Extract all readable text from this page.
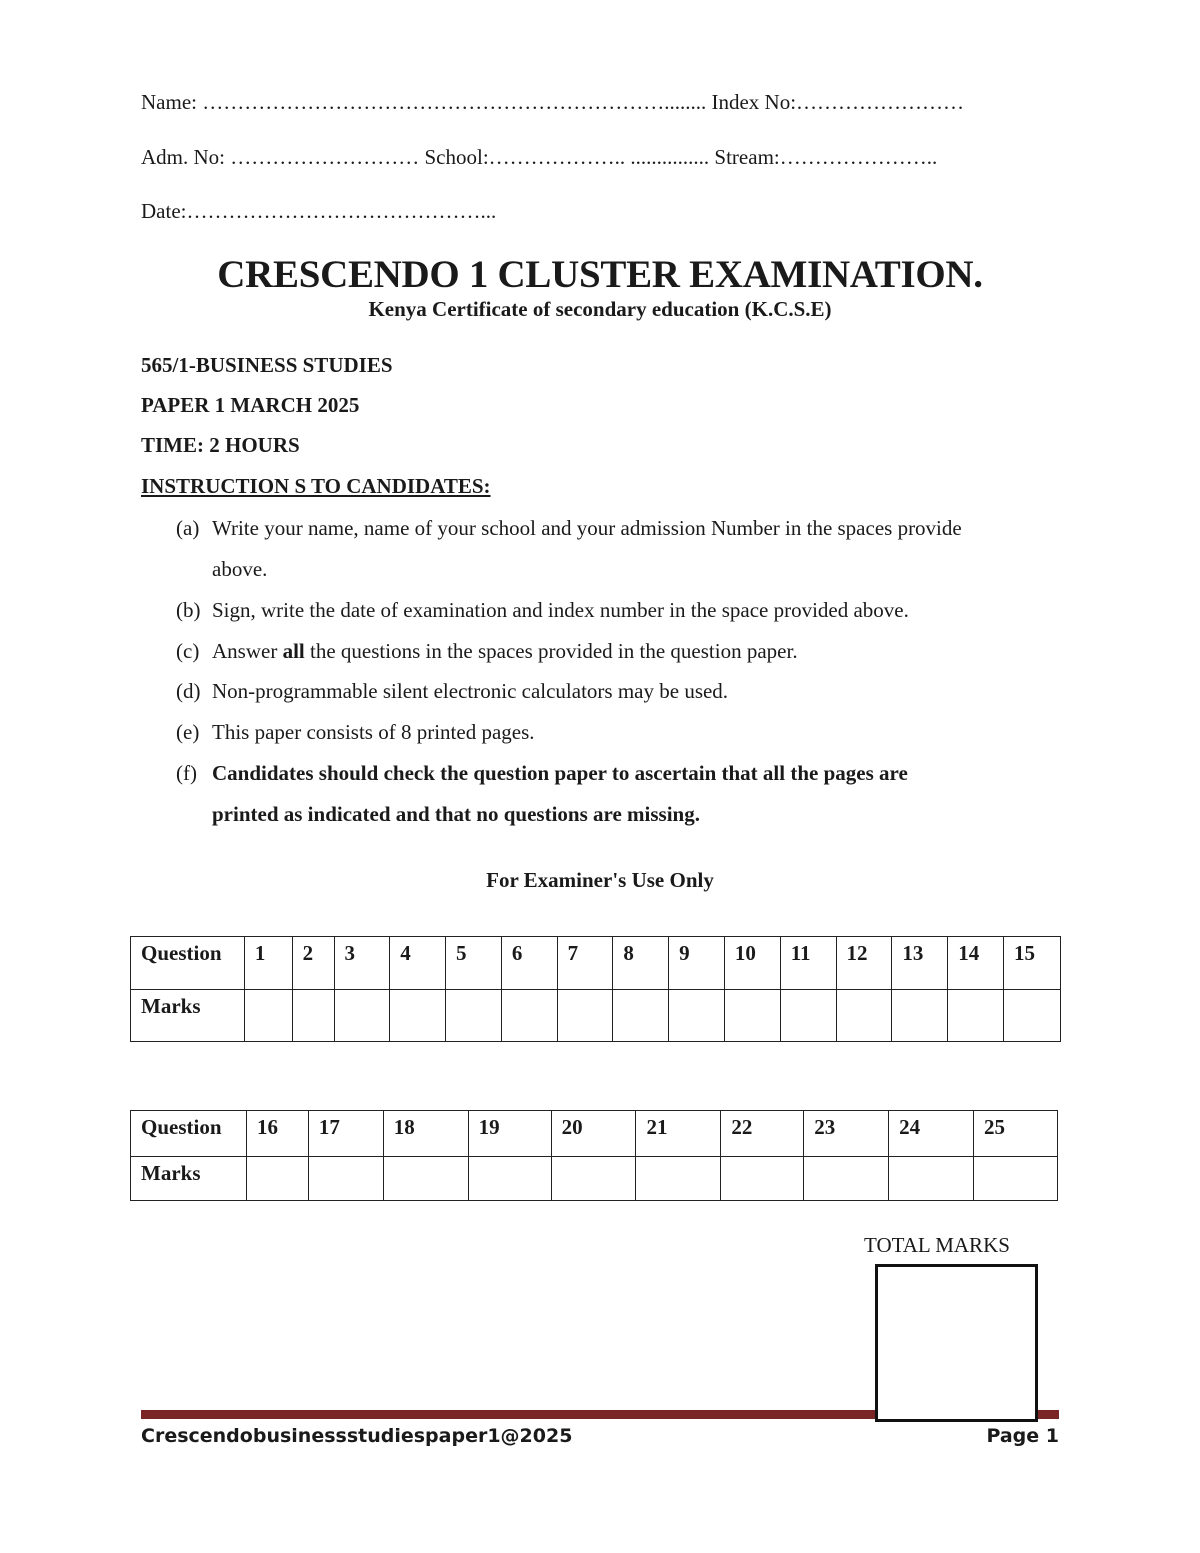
Name: …………………………………………………………........ Index No:……………………
Adm. No: ……………………… School:……………….. ............... Stream:…………………..
Date:……………………………………...
CRESCENDO 1 CLUSTER EXAMINATION.
Kenya Certificate of secondary education (K.C.S.E)
565/1-BUSINESS STUDIES
PAPER 1 MARCH 2025
TIME: 2 HOURS
INSTRUCTION S TO CANDIDATES:
(a) Write your name, name of your school and your admission Number in the spaces provide
above.
(b) Sign, write the date of examination and index number in the space provided above.
(c) Answer all the questions in the spaces provided in the question paper.
(d) Non-programmable silent electronic calculators may be used.
(e) This paper consists of 8 printed pages.
(f) Candidates should check the question paper to ascertain that all the pages are
printed as indicated and that no questions are missing.
For Examiner's Use Only
Question	1	2	3	4	5	6	7	8	9	10	11	12	13	14	15
Marks															
Question	16	17	18	19	20	21	22	23	24	25
Marks										
TOTAL MARKS
Crescendobusinessstudiespaper1@2025	Page 1
